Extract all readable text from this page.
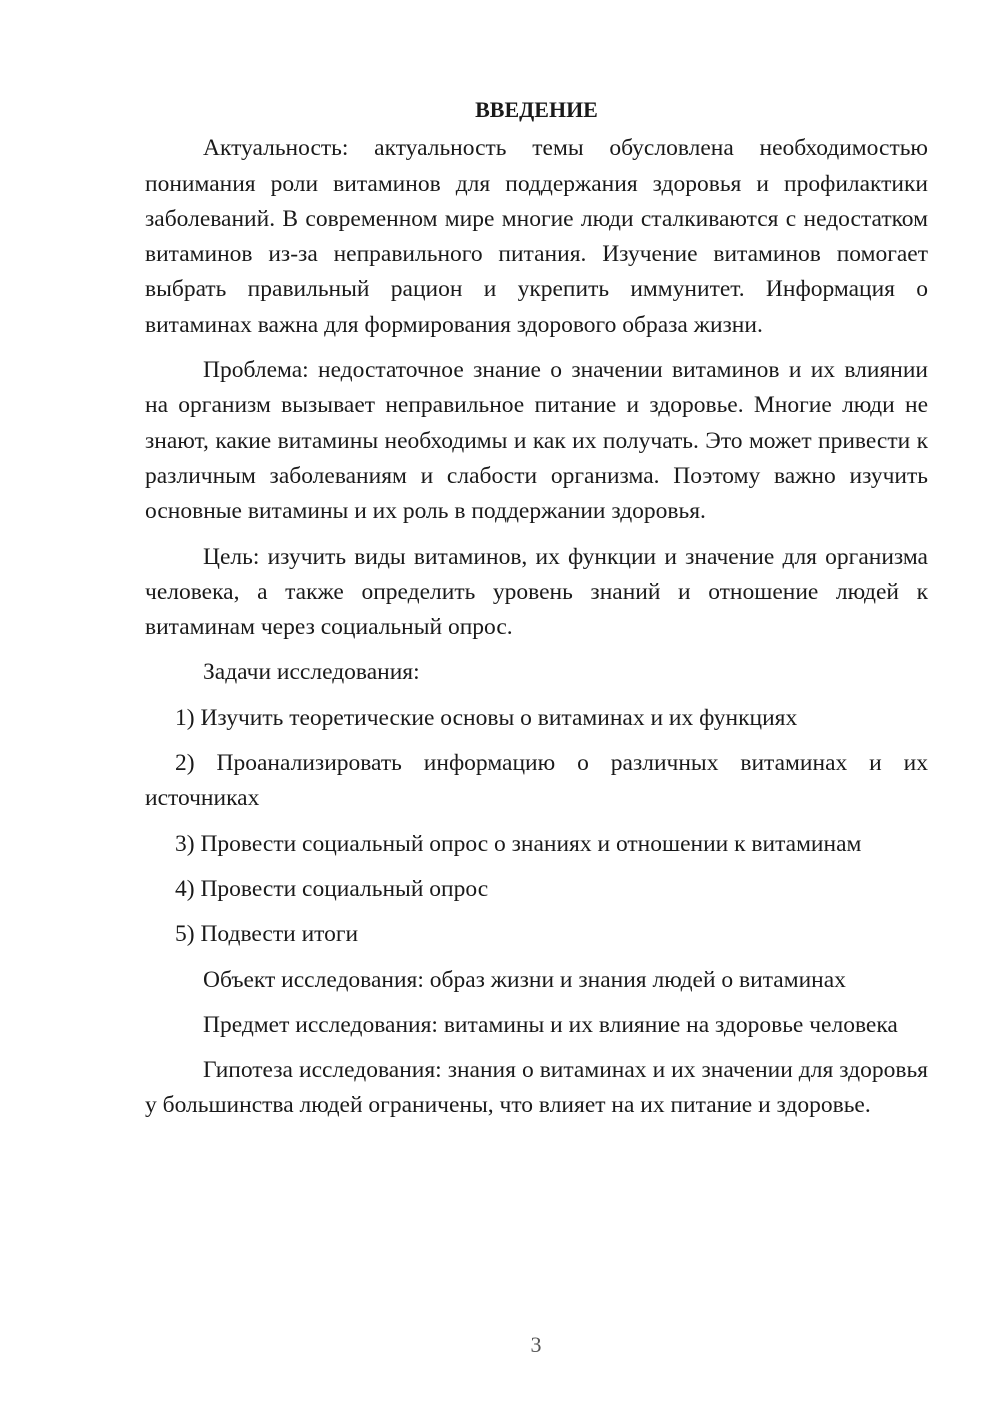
ВВЕДЕНИЕ

Актуальность: актуальность темы обусловлена необходимостью понимания роли витаминов для поддержания здоровья и профилактики заболеваний. В современном мире многие люди сталкиваются с недостатком витаминов из-за неправильного питания. Изучение витаминов помогает выбрать правильный рацион и укрепить иммунитет. Информация о витаминах важна для формирования здорового образа жизни.

Проблема: недостаточное знание о значении витаминов и их влиянии на организм вызывает неправильное питание и здоровье. Многие люди не знают, какие витамины необходимы и как их получать. Это может привести к различным заболеваниям и слабости организма. Поэтому важно изучить основные витамины и их роль в поддержании здоровья.

Цель: изучить виды витаминов, их функции и значение для организма человека, а также определить уровень знаний и отношение людей к витаминам через социальный опрос.

Задачи исследования:

1) Изучить теоретические основы о витаминах и их функциях

2) Проанализировать информацию о различных витаминах и их источниках

3) Провести социальный опрос о знаниях и отношении к витаминам

4) Провести социальный опрос

5) Подвести итоги

Объект исследования: образ жизни и знания людей о витаминах

Предмет исследования: витамины и их влияние на здоровье человека

Гипотеза исследования: знания о витаминах и их значении для здоровья у большинства людей ограничены, что влияет на их питание и здоровье.

3
